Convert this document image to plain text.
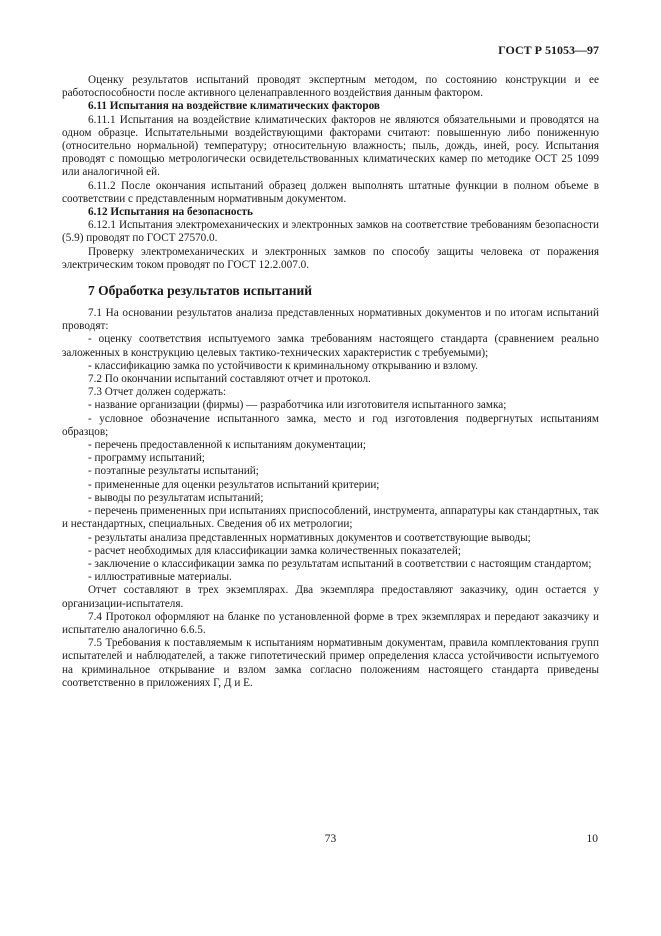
ГОСТ Р 51053—97

Оценку результатов испытаний проводят экспертным методом, по состоянию конструкции и ее работоспособности после активного целенаправленного воздействия данным фактором.

6.11 Испытания на воздействие климатических факторов

6.11.1 Испытания на воздействие климатических факторов не являются обязательными и проводятся на одном образце. Испытательными воздействующими факторами считают: повышенную либо пониженную (относительно нормальной) температуру; относительную влажность; пыль, дождь, иней, росу. Испытания проводят с помощью метрологически освидетельствованных климатических камер по методике ОСТ 25 1099 или аналогичной ей.

6.11.2 После окончания испытаний образец должен выполнять штатные функции в полном объеме в соответствии с представленным нормативным документом.

6.12 Испытания на безопасность

6.12.1 Испытания электромеханических и электронных замков на соответствие требованиям безопасности (5.9) проводят по ГОСТ 27570.0.

Проверку электромеханических и электронных замков по способу защиты человека от поражения электрическим током проводят по ГОСТ 12.2.007.0.

7 Обработка результатов испытаний

7.1 На основании результатов анализа представленных нормативных документов и по итогам испытаний проводят:

- оценку соответствия испытуемого замка требованиям настоящего стандарта (сравнением реально заложенных в конструкцию целевых тактико-технических характеристик с требуемыми);

- классификацию замка по устойчивости к криминальному открыванию и взлому.

7.2 По окончании испытаний составляют отчет и протокол.

7.3 Отчет должен содержать:

- название организации (фирмы) — разработчика или изготовителя испытанного замка;

- условное обозначение испытанного замка, место и год изготовления подвергнутых испытаниям образцов;

- перечень предоставленной к испытаниям документации;

- программу испытаний;

- поэтапные результаты испытаний;

- примененные для оценки результатов испытаний критерии;

- выводы по результатам испытаний;

- перечень примененных при испытаниях приспособлений, инструмента, аппаратуры как стандартных, так и нестандартных, специальных. Сведения об их метрологии;

- результаты анализа представленных нормативных документов и соответствующие выводы;

- расчет необходимых для классификации замка количественных показателей;

- заключение о классификации замка по результатам испытаний в соответствии с настоящим стандартом;

- иллюстративные материалы.

Отчет составляют в трех экземплярах. Два экземпляра предоставляют заказчику, один остается у организации-испытателя.

7.4 Протокол оформляют на бланке по установленной форме в трех экземплярах и передают заказчику и испытателю аналогично 6.6.5.

7.5 Требования к поставляемым к испытаниям нормативным документам, правила комплектования групп испытателей и наблюдателей, а также гипотетический пример определения класса устойчивости испытуемого на криминальное открывание и взлом замка согласно положениям настоящего стандарта приведены соответственно в приложениях Г, Д и Е.

73	10
